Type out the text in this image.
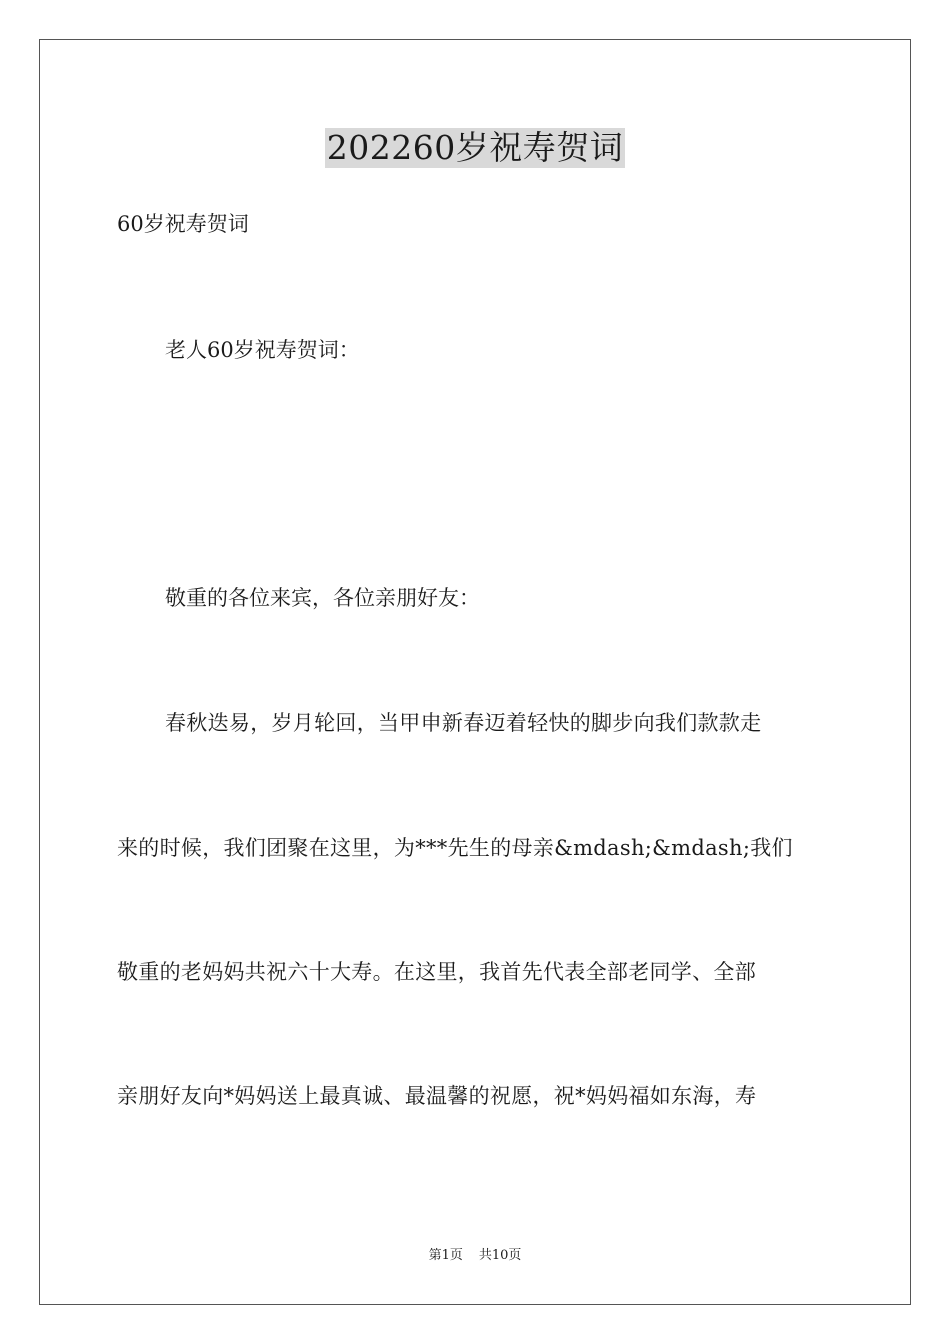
202260岁祝寿贺词
60岁祝寿贺词
老人60岁祝寿贺词：
敬重的各位来宾，各位亲朋好友：
春秋迭易，岁月轮回，当甲申新春迈着轻快的脚步向我们款款走
来的时候，我们团聚在这里，为***先生的母亲&mdash;&mdash;我们
敬重的老妈妈共祝六十大寿。在这里，我首先代表全部老同学、全部
亲朋好友向*妈妈送上最真诚、最温馨的祝愿，祝*妈妈福如东海，寿
第1页 共10页
